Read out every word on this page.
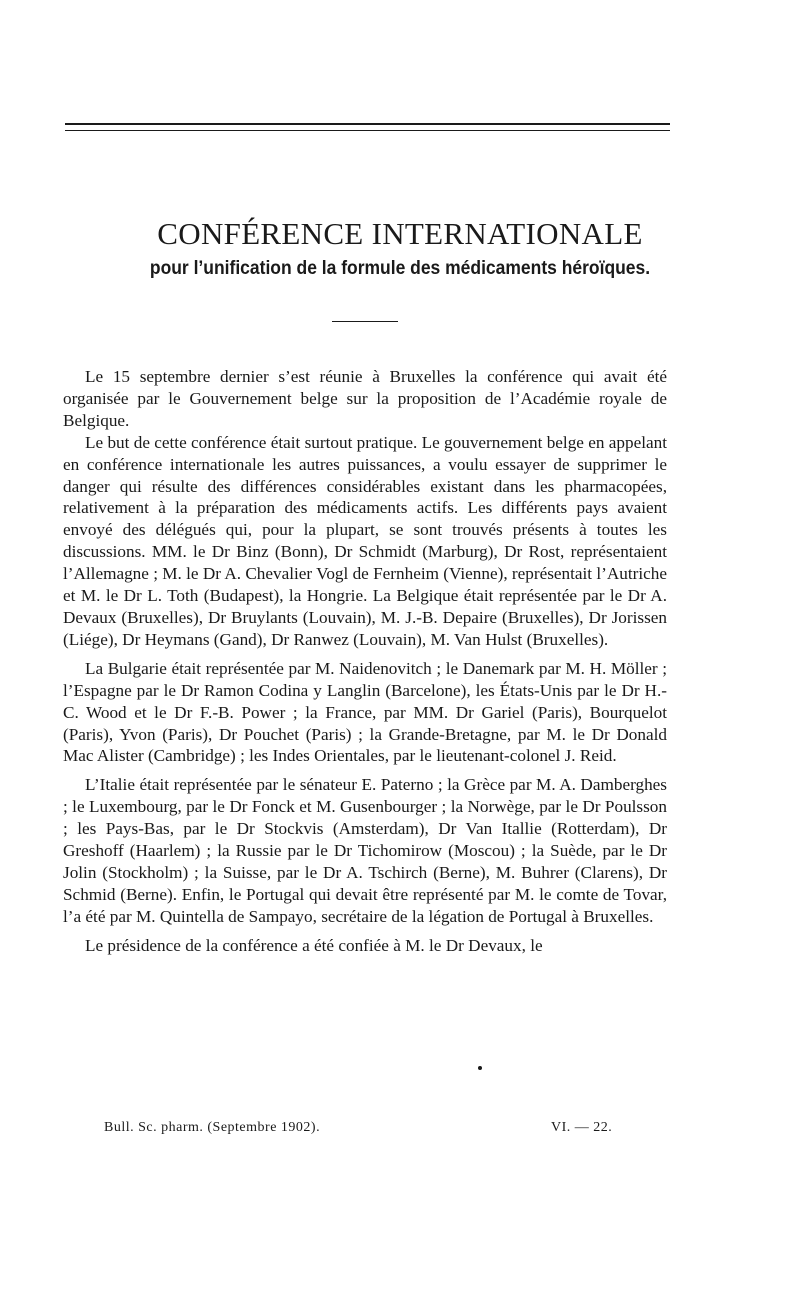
CONFÉRENCE INTERNATIONALE
pour l’unification de la formule des médicaments héroïques.

Le 15 septembre dernier s’est réunie à Bruxelles la conférence qui avait été organisée par le Gouvernement belge sur la proposition de l’Académie royale de Belgique.

Le but de cette conférence était surtout pratique. Le gouvernement belge en appelant en conférence internationale les autres puissances, a voulu essayer de supprimer le danger qui résulte des différences considérables existant dans les pharmacopées, relativement à la préparation des médicaments actifs. Les différents pays avaient envoyé des délégués qui, pour la plupart, se sont trouvés présents à toutes les discussions. MM. le Dr Binz (Bonn), Dr Schmidt (Marburg), Dr Rost, représentaient l’Allemagne ; M. le Dr A. Chevalier Vogl de Fernheim (Vienne), représentait l’Autriche et M. le Dr L. Toth (Budapest), la Hongrie. La Belgique était représentée par le Dr A. Devaux (Bruxelles), Dr Bruylants (Louvain), M. J.-B. Depaire (Bruxelles), Dr Jorissen (Liége), Dr Heymans (Gand), Dr Ranwez (Louvain), M. Van Hulst (Bruxelles).

La Bulgarie était représentée par M. Naidenovitch ; le Danemark par M. H. Möller ; l’Espagne par le Dr Ramon Codina y Langlin (Barcelone), les États-Unis par le Dr H.-C. Wood et le Dr F.-B. Power ; la France, par MM. Dr Gariel (Paris), Bourquelot (Paris), Yvon (Paris), Dr Pouchet (Paris) ; la Grande-Bretagne, par M. le Dr Donald Mac Alister (Cambridge) ; les Indes Orientales, par le lieutenant-colonel J. Reid.

L’Italie était représentée par le sénateur E. Paterno ; la Grèce par M. A. Damberghes ; le Luxembourg, par le Dr Fonck et M. Gusenbourger ; la Norwège, par le Dr Poulsson ; les Pays-Bas, par le Dr Stockvis (Amsterdam), Dr Van Itallie (Rotterdam), Dr Greshoff (Haarlem) ; la Russie par le Dr Tichomirow (Moscou) ; la Suède, par le Dr Jolin (Stockholm) ; la Suisse, par le Dr A. Tschirch (Berne), M. Buhrer (Clarens), Dr Schmid (Berne). Enfin, le Portugal qui devait être représenté par M. le comte de Tovar, l’a été par M. Quintella de Sampayo, secrétaire de la légation de Portugal à Bruxelles.

Le présidence de la conférence a été confiée à M. le Dr Devaux, le

Bull. Sc. pharm. (Septembre 1902).	VI. — 22.
